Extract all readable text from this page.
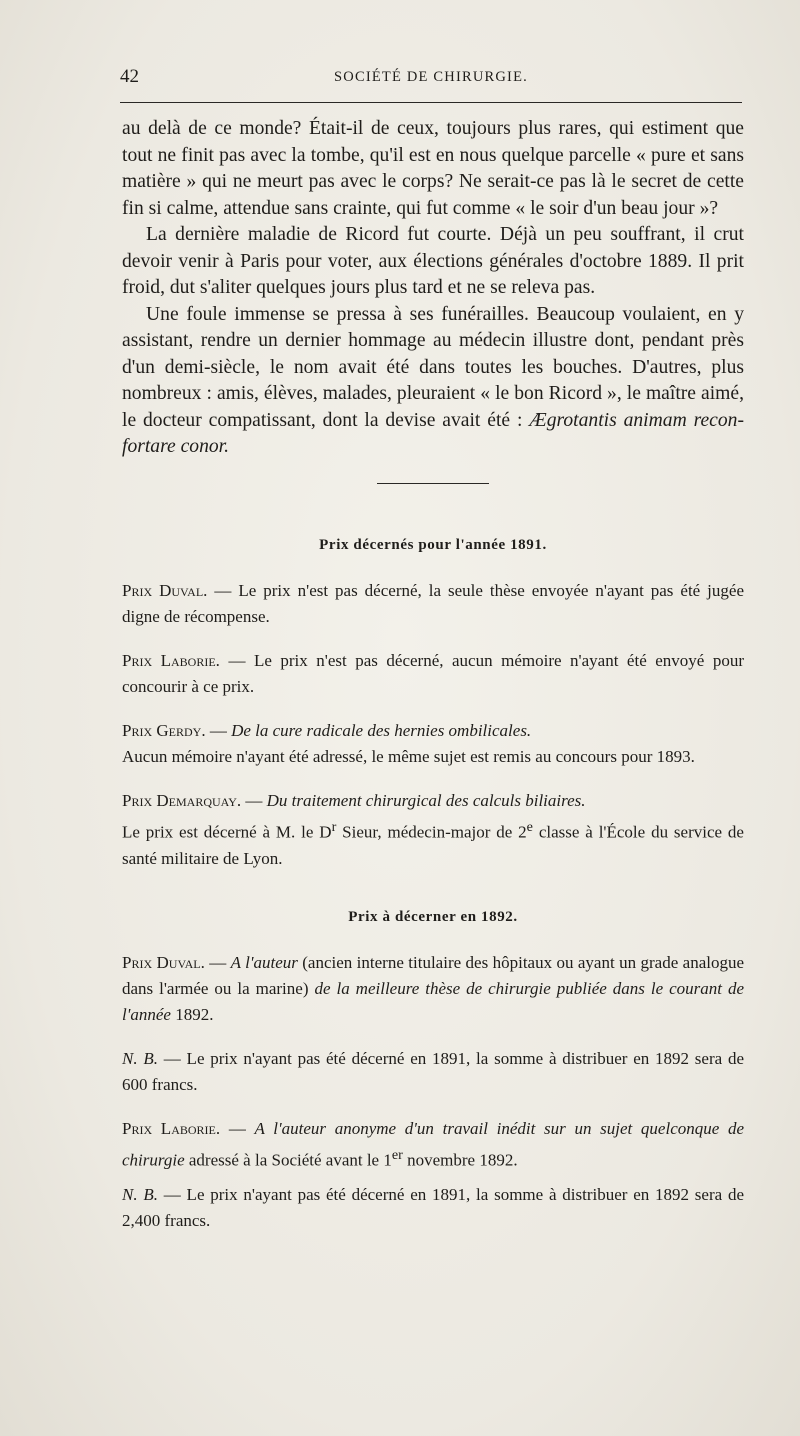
42	SOCIÉTÉ DE CHIRURGIE.

au delà de ce monde? Était-il de ceux, toujours plus rares, qui estiment que tout ne finit pas avec la tombe, qu'il est en nous quelque parcelle « pure et sans matière » qui ne meurt pas avec le corps? Ne serait-ce pas là le secret de cette fin si calme, attendue sans crainte, qui fut comme « le soir d'un beau jour »?

La dernière maladie de Ricord fut courte. Déjà un peu souffrant, il crut devoir venir à Paris pour voter, aux élections générales d'octobre 1889. Il prit froid, dut s'aliter quelques jours plus tard et ne se releva pas.

Une foule immense se pressa à ses funérailles. Beaucoup voulaient, en y assistant, rendre un dernier hommage au médecin illustre dont, pendant près d'un demi-siècle, le nom avait été dans toutes les bouches. D'autres, plus nombreux : amis, élèves, malades, pleuraient « le bon Ricord », le maître aimé, le docteur compatissant, dont la devise avait été : Ægrotantis animam reconfortare conor.

Prix décernés pour l'année 1891.

Prix Duval. — Le prix n'est pas décerné, la seule thèse envoyée n'ayant pas été jugée digne de récompense.

Prix Laborie. — Le prix n'est pas décerné, aucun mémoire n'ayant été envoyé pour concourir à ce prix.

Prix Gerdy. — De la cure radicale des hernies ombilicales.
Aucun mémoire n'ayant été adressé, le même sujet est remis au concours pour 1893.

Prix Demarquay. — Du traitement chirurgical des calculs biliaires.
Le prix est décerné à M. le $D^r$ Sieur, médecin-major de 2e classe à l'École du service de santé militaire de Lyon.

Prix à décerner en 1892.

Prix Duval. — A l'auteur (ancien interne titulaire des hôpitaux ou ayant un grade analogue dans l'armée ou la marine) de la meilleure thèse de chirurgie publiée dans le courant de l'année 1892.

N. B. — Le prix n'ayant pas été décerné en 1891, la somme à distribuer en 1892 sera de 600 francs.

Prix Laborie. — A l'auteur anonyme d'un travail inédit sur un sujet quelconque de chirurgie adressé à la Société avant le 1er novembre 1892.

N. B. — Le prix n'ayant pas été décerné en 1891, la somme à distribuer en 1892 sera de 2,400 francs.
